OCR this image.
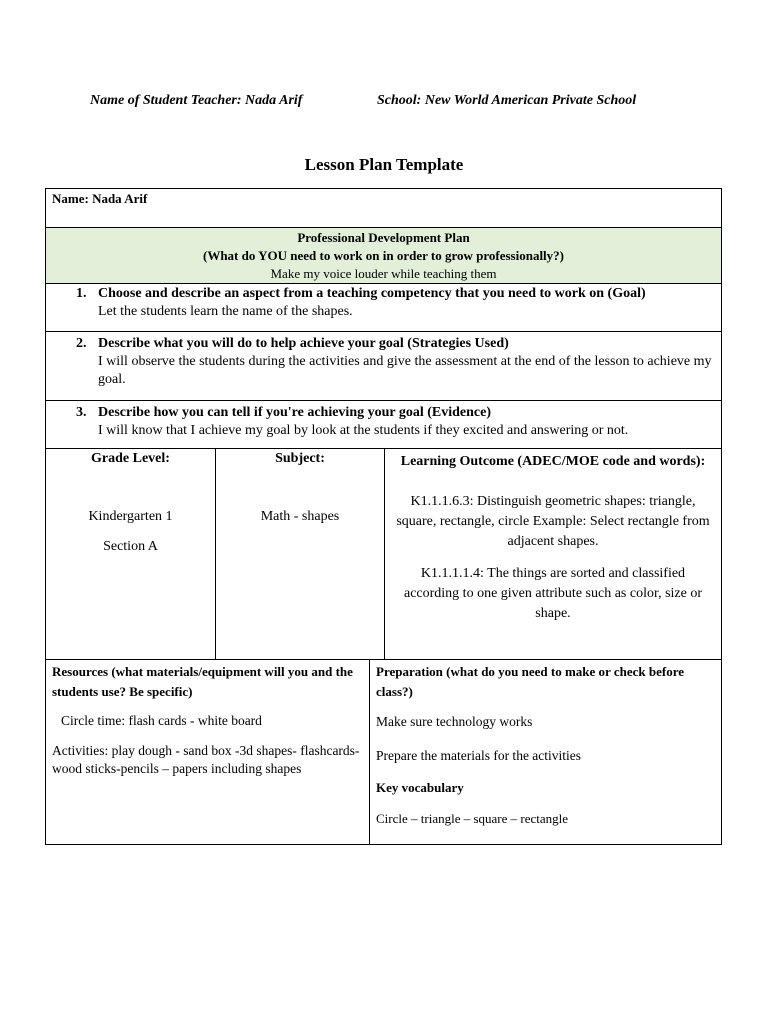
Name of Student Teacher: Nada Arif	School: New World American Private School
Lesson Plan Template
Name: Nada Arif
Professional Development Plan
(What do YOU need to work on in order to grow professionally?)
Make my voice louder while teaching them
1. Choose and describe an aspect from a teaching competency that you need to work on (Goal)
Let the students learn the name of the shapes.
2. Describe what you will do to help achieve your goal (Strategies Used)
I will observe the students during the activities and give the assessment at the end of the lesson to achieve my goal.
3. Describe how you can tell if you're achieving your goal (Evidence)
I will know that I achieve my goal by look at the students if they excited and answering or not.
Grade Level:
Kindergarten 1
Section A
Subject:
Math - shapes
Learning Outcome (ADEC/MOE code and words):
K1.1.1.6.3: Distinguish geometric shapes: triangle, square, rectangle, circle Example: Select rectangle from adjacent shapes.
K1.1.1.1.4: The things are sorted and classified according to one given attribute such as color, size or shape.
Resources (what materials/equipment will you and the students use? Be specific)

Circle time: flash cards - white board

Activities: play dough - sand box -3d shapes- flashcards-wood sticks-pencils – papers including shapes

Preparation (what do you need to make or check before class?)

Make sure technology works

Prepare the materials for the activities

Key vocabulary

Circle – triangle – square – rectangle
